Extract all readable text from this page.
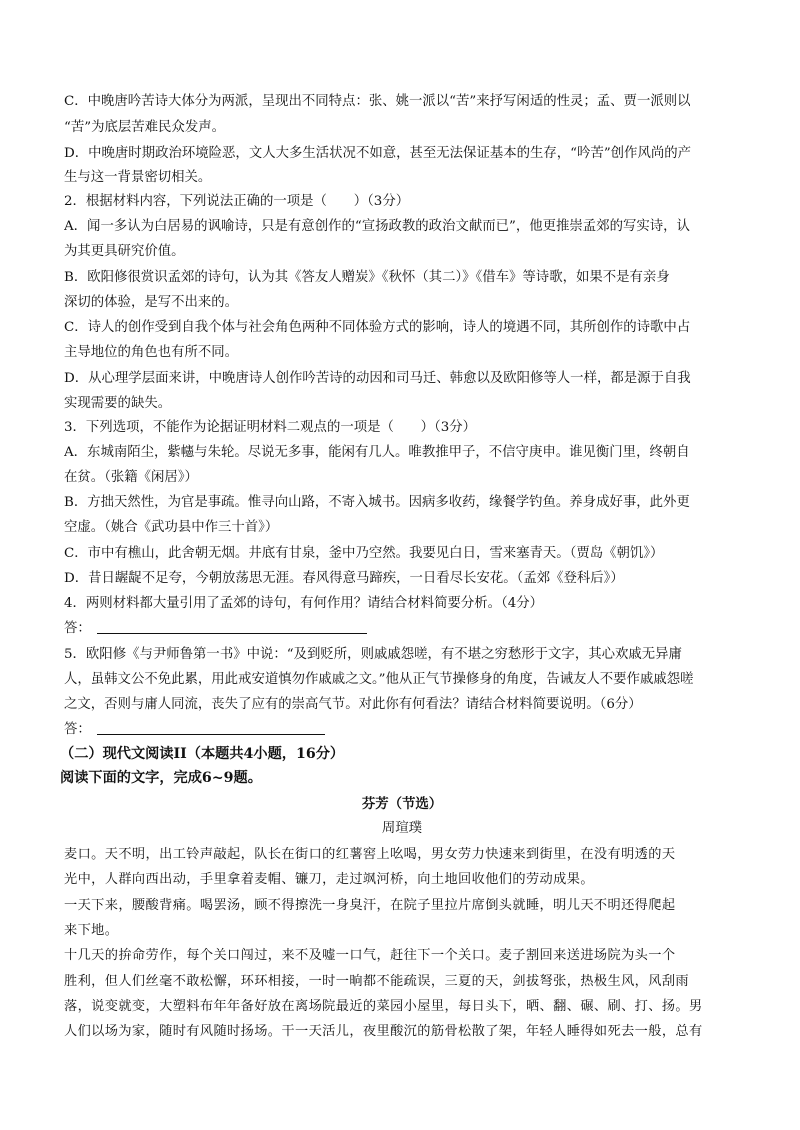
C．中晚唐吟苦诗大体分为两派，呈现出不同特点：张、姚一派以“苦”来抒写闲适的性灵；孟、贾一派则以
“苦”为底层苦难民众发声。
D．中晚唐时期政治环境险恶，文人大多生活状况不如意，甚至无法保证基本的生存，“吟苦”创作风尚的产
生与这一背景密切相关。
2．根据材料内容，下列说法正确的一项是（　　）（3分）
A．闻一多认为白居易的讽喻诗，只是有意创作的“宣扬政教的政治文献而已”，他更推崇孟郊的写实诗，认
为其更具研究价值。
B．欧阳修很赏识孟郊的诗句，认为其《答友人赠炭》《秋怀（其二）》《借车》等诗歌，如果不是有亲身
深切的体验，是写不出来的。
C．诗人的创作受到自我个体与社会角色两种不同体验方式的影响，诗人的境遇不同，其所创作的诗歌中占
主导地位的角色也有所不同。
D．从心理学层面来讲，中晚唐诗人创作吟苦诗的动因和司马迁、韩愈以及欧阳修等人一样，都是源于自我
实现需要的缺失。
3．下列选项，不能作为论据证明材料二观点的一项是（　　）（3分）
A．东城南陌尘，紫幰与朱轮。尽说无多事，能闲有几人。唯教推甲子，不信守庚申。谁见衡门里，终朝自
在贫。（张籍《闲居》）
B．方拙天然性，为官是事疏。惟寻向山路，不寄入城书。因病多收药，缘餐学钓鱼。养身成好事，此外更
空虚。（姚合《武功县中作三十首》）
C．市中有樵山，此舍朝无烟。井底有甘泉，釜中乃空然。我要见白日，雪来塞青天。（贾岛《朝饥》）
D．昔日龌龊不足夸，今朝放荡思无涯。春风得意马蹄疾，一日看尽长安花。（孟郊《登科后》）
4．两则材料都大量引用了孟郊的诗句，有何作用？请结合材料简要分析。（4分）
答：
5．欧阳修《与尹师鲁第一书》中说：“及到贬所，则戚戚怨嗟，有不堪之穷愁形于文字，其心欢戚无异庸
人，虽韩文公不免此累，用此戒安道慎勿作戚戚之文。”他从正气节操修身的角度，告诫友人不要作戚戚怨嗟
之文，否则与庸人同流，丧失了应有的崇高气节。对此你有何看法？请结合材料简要说明。（6分）
答：
（二）现代文阅读II（本题共4小题，16分）
阅读下面的文字，完成6~9题。
芬芳（节选）
周瑄璞
麦口。天不明，出工铃声敲起，队长在街口的红薯窖上吆喝，男女劳力快速来到街里，在没有明透的天
光中，人群向西出动，手里拿着麦帽、镰刀，走过飒河桥，向土地回收他们的劳动成果。
一天下来，腰酸背痛。喝罢汤，顾不得擦洗一身臭汗，在院子里拉片席倒头就睡，明儿天不明还得爬起
来下地。
十几天的拚命劳作，每个关口闯过，来不及嘘一口气，赶往下一个关口。麦子割回来送进场院为头一个
胜利，但人们丝毫不敢松懈，环环相接，一时一晌都不能疏误，三夏的天，剑拔弩张，热极生风，风刮雨
落，说变就变，大塑料布年年备好放在离场院最近的菜园小屋里，每日头下，晒、翻、碾、刷、打、扬。男
人们以场为家，随时有风随时扬场。干一天活儿，夜里酸沉的筋骨松散了架，年轻人睡得如死去一般，总有
